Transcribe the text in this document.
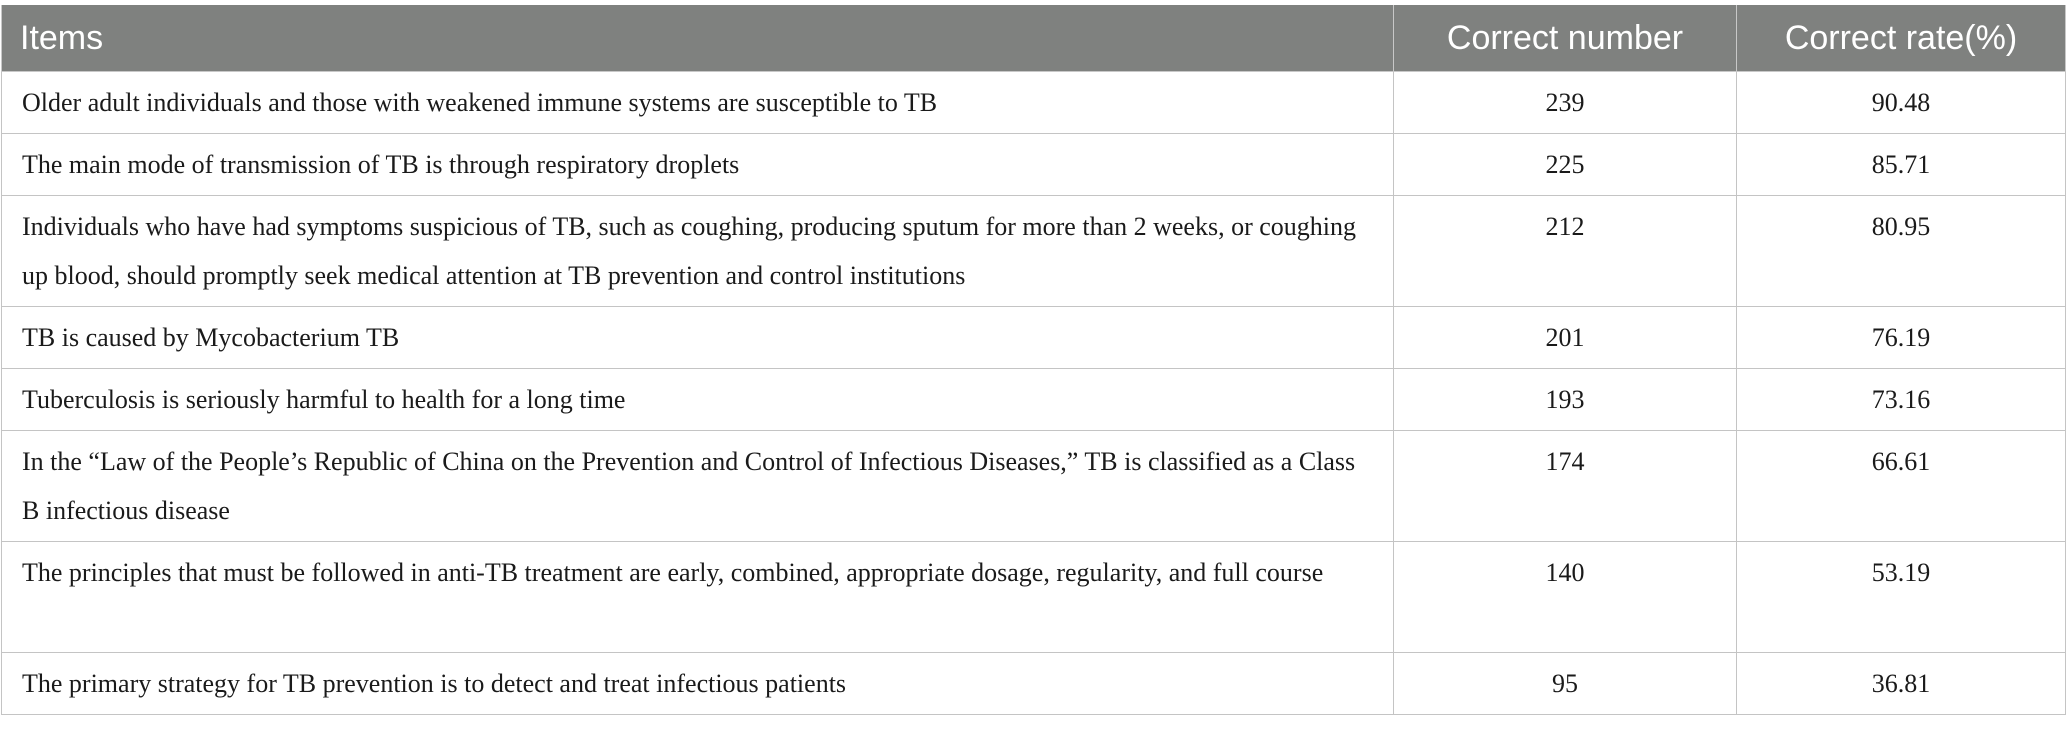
Items	Correct number	Correct rate(%)
Older adult individuals and those with weakened immune systems are susceptible to TB	239	90.48
The main mode of transmission of TB is through respiratory droplets	225	85.71
Individuals who have had symptoms suspicious of TB, such as coughing, producing sputum for more than 2 weeks, or coughing up blood, should promptly seek medical attention at TB prevention and control institutions	212	80.95
TB is caused by Mycobacterium TB	201	76.19
Tuberculosis is seriously harmful to health for a long time	193	73.16
In the “Law of the People’s Republic of China on the Prevention and Control of Infectious Diseases,” TB is classified as a Class B infectious disease	174	66.61
The principles that must be followed in anti-TB treatment are early, combined, appropriate dosage, regularity, and full course	140	53.19
The primary strategy for TB prevention is to detect and treat infectious patients	95	36.81
